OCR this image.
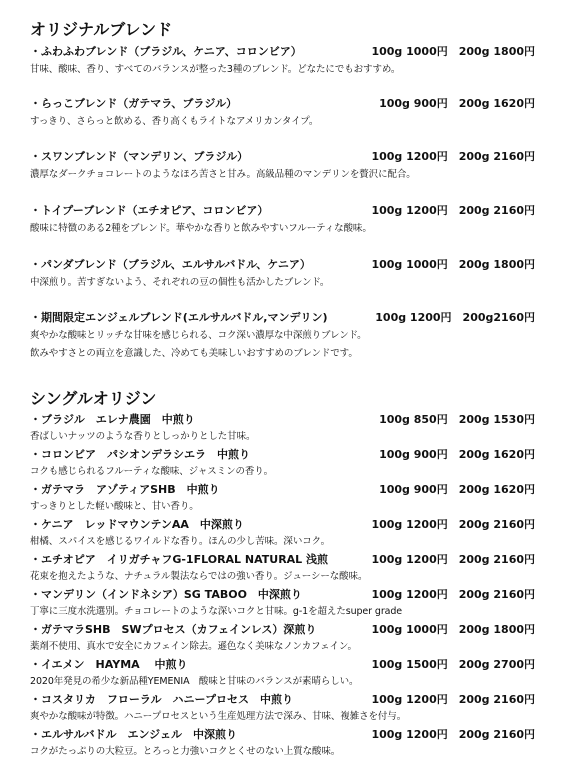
オリジナルブレンド
・ふわふわブレンド（ブラジル、ケニア、コロンビア）	100g 1000円　200g 1800円

甘味、酸味、香り、すべてのバランスが整った3種のブレンド。どなたにでもおすすめ。

・らっこブレンド（ガテマラ、ブラジル）	100g 900円　200g 1620円

すっきり、さらっと飲める、香り高くもライトなアメリカンタイプ。

・スワンブレンド（マンデリン、ブラジル）	100g 1200円　200g 2160円

濃厚なダークチョコレートのようなほろ苦さと甘み。高級品種のマンデリンを贅沢に配合。

・トイプーブレンド（エチオピア、コロンビア）	100g 1200円　200g 2160円

酸味に特徴のある2種をブレンド。華やかな香りと飲みやすいフルーティな酸味。

・パンダブレンド（ブラジル、エルサルバドル、ケニア）	100g 1000円　200g 1800円

中深煎り。苦すぎないよう、それぞれの豆の個性も活かしたブレンド。

・期間限定エンジェルブレンド(エルサルバドル,マンデリン)	100g 1200円　200g2160円

爽やかな酸味とリッチな甘味を感じられる、コク深い濃厚な中深煎りブレンド。

飲みやすさとの両立を意識した、冷めても美味しいおすすめのブレンドです。

シングルオリジン
・ブラジル　エレナ農園　中煎り	100g 850円　200g 1530円

香ばしいナッツのような香りとしっかりとした甘味。

・コロンビア　パシオンデラシエラ　中煎り	100g 900円　200g 1620円

コクも感じられるフルーティな酸味、ジャスミンの香り。

・ガテマラ　アゾティアSHB　中煎り	100g 900円　200g 1620円

すっきりとした軽い酸味と、甘い香り。

・ケニア　レッドマウンテンAA　中深煎り	100g 1200円　200g 2160円

柑橘、スパイスを感じるワイルドな香り。ほんの少し苦味。深いコク。

・エチオピア　イリガチャフG-1FLORAL NATURAL 浅煎	100g 1200円　200g 2160円

花束を抱えたような、ナチュラル製法ならではの強い香り。ジューシーな酸味。

・マンデリン（インドネシア）SG TABOO　中深煎り	100g 1200円　200g 2160円

丁寧に三度水洗選別。チョコレートのような深いコクと甘味。g-1を超えたsuper grade

・ガテマラSHB　SWプロセス（カフェインレス）深煎り	100g 1000円　200g 1800円

薬剤不使用、真水で安全にカフェイン除去。遜色なく美味なノンカフェイン。

・イエメン　HAYMA　 中煎り	100g 1500円　200g 2700円

2020年発見の希少な新品種YEMENIA　酸味と甘味のバランスが素晴らしい。

・コスタリカ　フローラル　ハニープロセス　中煎り	100g 1200円　200g 2160円

爽やかな酸味が特徴。ハニープロセスという生産処理方法で深み、甘味、複雑さを付与。

・エルサルバドル　エンジェル　中深煎り	100g 1200円　200g 2160円

コクがたっぷりの大粒豆。とろっと力強いコクとくせのない上質な酸味。
